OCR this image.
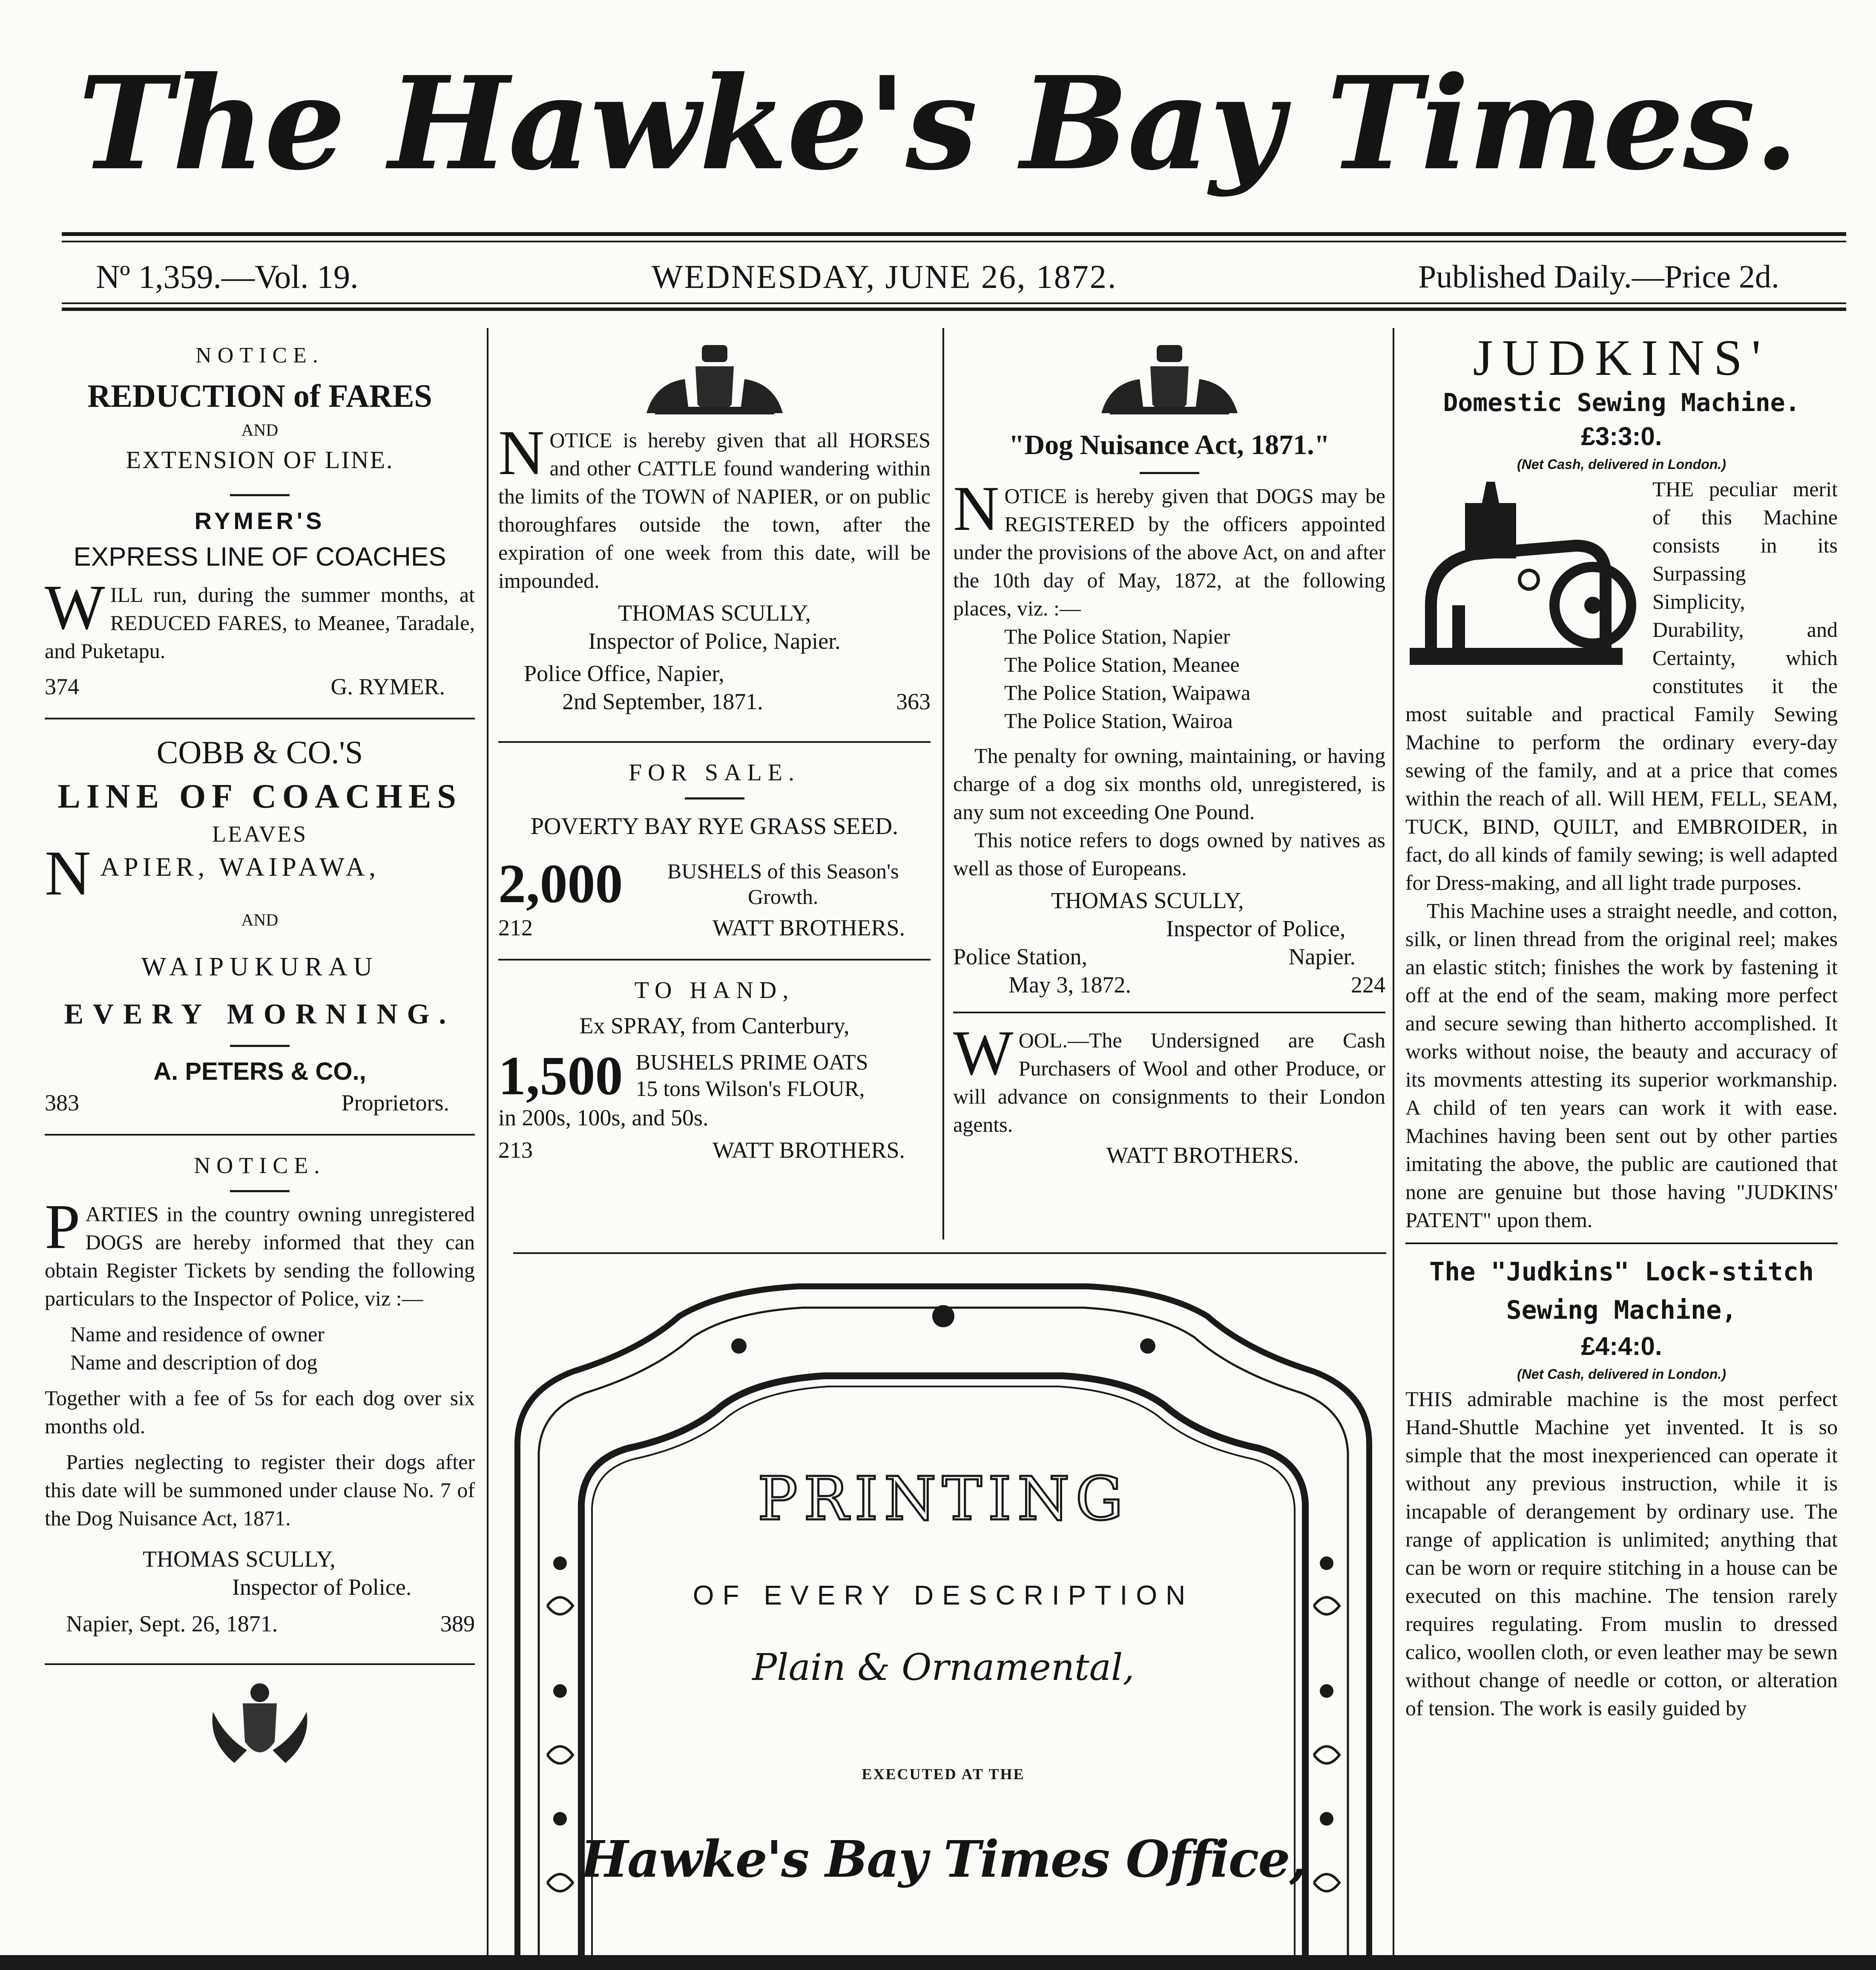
The Hawke's Bay Times.
Nº 1,359.—Vol. 19.	WEDNESDAY, JUNE 26, 1872.	Published Daily.—Price 2d.
NOTICE.
REDUCTION of FARES
AND
EXTENSION OF LINE.
RYMER'S
EXPRESS LINE OF COACHES

WILL run, during the summer months, at REDUCED FARES, to Meanee, Taradale, and Puketapu.

374	G. RYMER.
COBB & CO.'S
LINE OF COACHES
LEAVES
NAPIER, WAIPAWA,
AND
WAIPUKURAU
EVERY MORNING.
A. PETERS & CO.,
383	Proprietors.
NOTICE.

PARTIES in the country owning unregistered DOGS are hereby informed that they can obtain Register Tickets by sending the following particulars to the Inspector of Police, viz :—

Name and residence of owner
Name and description of dog

Together with a fee of 5s for each dog over six months old.

Parties neglecting to register their dogs after this date will be summoned under clause No. 7 of the Dog Nuisance Act, 1871.

THOMAS SCULLY,
Inspector of Police.
Napier, Sept. 26, 1871.	389

NOTICE is hereby given that all HORSES and other CATTLE found wandering within the limits of the TOWN of NAPIER, or on public thoroughfares outside the town, after the expiration of one week from this date, will be impounded.

THOMAS SCULLY,
Inspector of Police, Napier.
Police Office, Napier,
2nd September, 1871.	363
FOR SALE.
POVERTY BAY RYE GRASS SEED.
2,000	BUSHELS of this Season's Growth.
212	WATT BROTHERS.
TO HAND,
Ex SPRAY, from Canterbury,
1,500 BUSHELS PRIME OATS
15 tons Wilson's FLOUR,
in 200s, 100s, and 50s.
213	WATT BROTHERS.
"Dog Nuisance Act, 1871."

NOTICE is hereby given that DOGS may be REGISTERED by the officers appointed under the provisions of the above Act, on and after the 10th day of May, 1872, at the following places, viz. :—

The Police Station, Napier
The Police Station, Meanee
The Police Station, Waipawa
The Police Station, Wairoa

The penalty for owning, maintaining, or having charge of a dog six months old, unregistered, is any sum not exceeding One Pound.

This notice refers to dogs owned by natives as well as those of Europeans.

THOMAS SCULLY,
Inspector of Police,
Police Station,	Napier.
May 3, 1872.	224

WOOL.—The Undersigned are Cash Purchasers of Wool and other Produce, or will advance on consignments to their London agents.

WATT BROTHERS.
PRINTING
OF EVERY DESCRIPTION
Plain & Ornamental,
EXECUTED AT THE
Hawke's Bay Times Office,
JUDKINS'
Domestic Sewing Machine.
£3:3:0.
(Net Cash, delivered in London.)

THE peculiar merit of this Machine consists in its Surpassing Simplicity, Durability, and Certainty, which constitutes it the most suitable and practical Family Sewing Machine to perform the ordinary every-day sewing of the family, and at a price that comes within the reach of all. Will HEM, FELL, SEAM, TUCK, BIND, QUILT, and EMBROIDER, in fact, do all kinds of family sewing; is well adapted for Dress-making, and all light trade purposes.

This Machine uses a straight needle, and cotton, silk, or linen thread from the original reel; makes an elastic stitch; finishes the work by fastening it off at the end of the seam, making more perfect and secure sewing than hitherto accomplished. It works without noise, the beauty and accuracy of its movments attesting its superior workmanship. A child of ten years can work it with ease. Machines having been sent out by other parties imitating the above, the public are cautioned that none are genuine but those having "JUDKINS' PATENT" upon them.

The "Judkins" Lock-stitch Sewing Machine,
£4:4:0.
(Net Cash, delivered in London.)

THIS admirable machine is the most perfect Hand-Shuttle Machine yet invented. It is so simple that the most inexperienced can operate it without any previous instruction, while it is incapable of derangement by ordinary use. The range of application is unlimited; anything that can be worn or require stitching in a house can be executed on this machine. The tension rarely requires regulating. From muslin to dressed calico, woollen cloth, or even leather may be sewn without change of needle or cotton, or alteration of tension. The work is easily guided by
